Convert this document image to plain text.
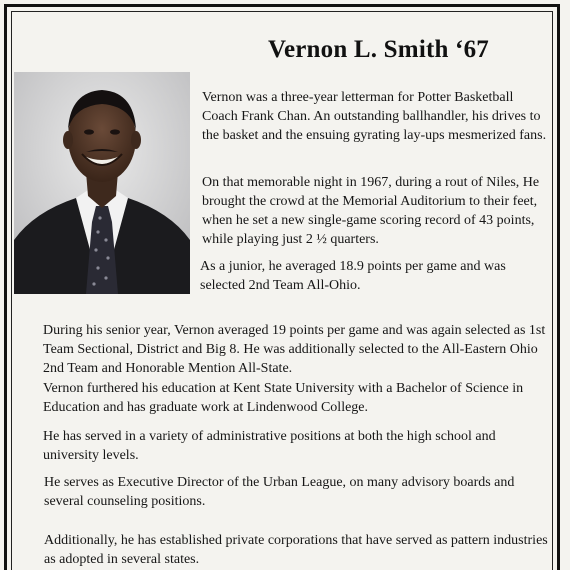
Vernon L. Smith ‘67

Vernon was a three-year letterman for Potter Basketball Coach Frank Chan. An outstanding ballhandler, his drives to the basket and the ensuing gyrating lay-ups mesmerized fans.

On that memorable night in 1967, during a rout of Niles, He brought the crowd at the Memorial Auditorium to their feet, when he set a new single-game scoring record of 43 points, while playing just 2 ½ quarters.

As a junior, he averaged 18.9 points per game and was selected 2nd Team All-Ohio.

During his senior year, Vernon averaged 19 points per game and was again selected as 1st Team Sectional, District and Big 8. He was additionally selected to the All-Eastern Ohio 2nd Team and Honorable Mention All-State.

Vernon furthered his education at Kent State University with a Bachelor of Science in Education and has graduate work at Lindenwood College.

He has served in a variety of administrative positions at both the high school and university levels.

He serves as Executive Director of the Urban League, on many advisory boards and several counseling positions.

Additionally, he has established private corporations that have served as pattern industries as adopted in several states.
